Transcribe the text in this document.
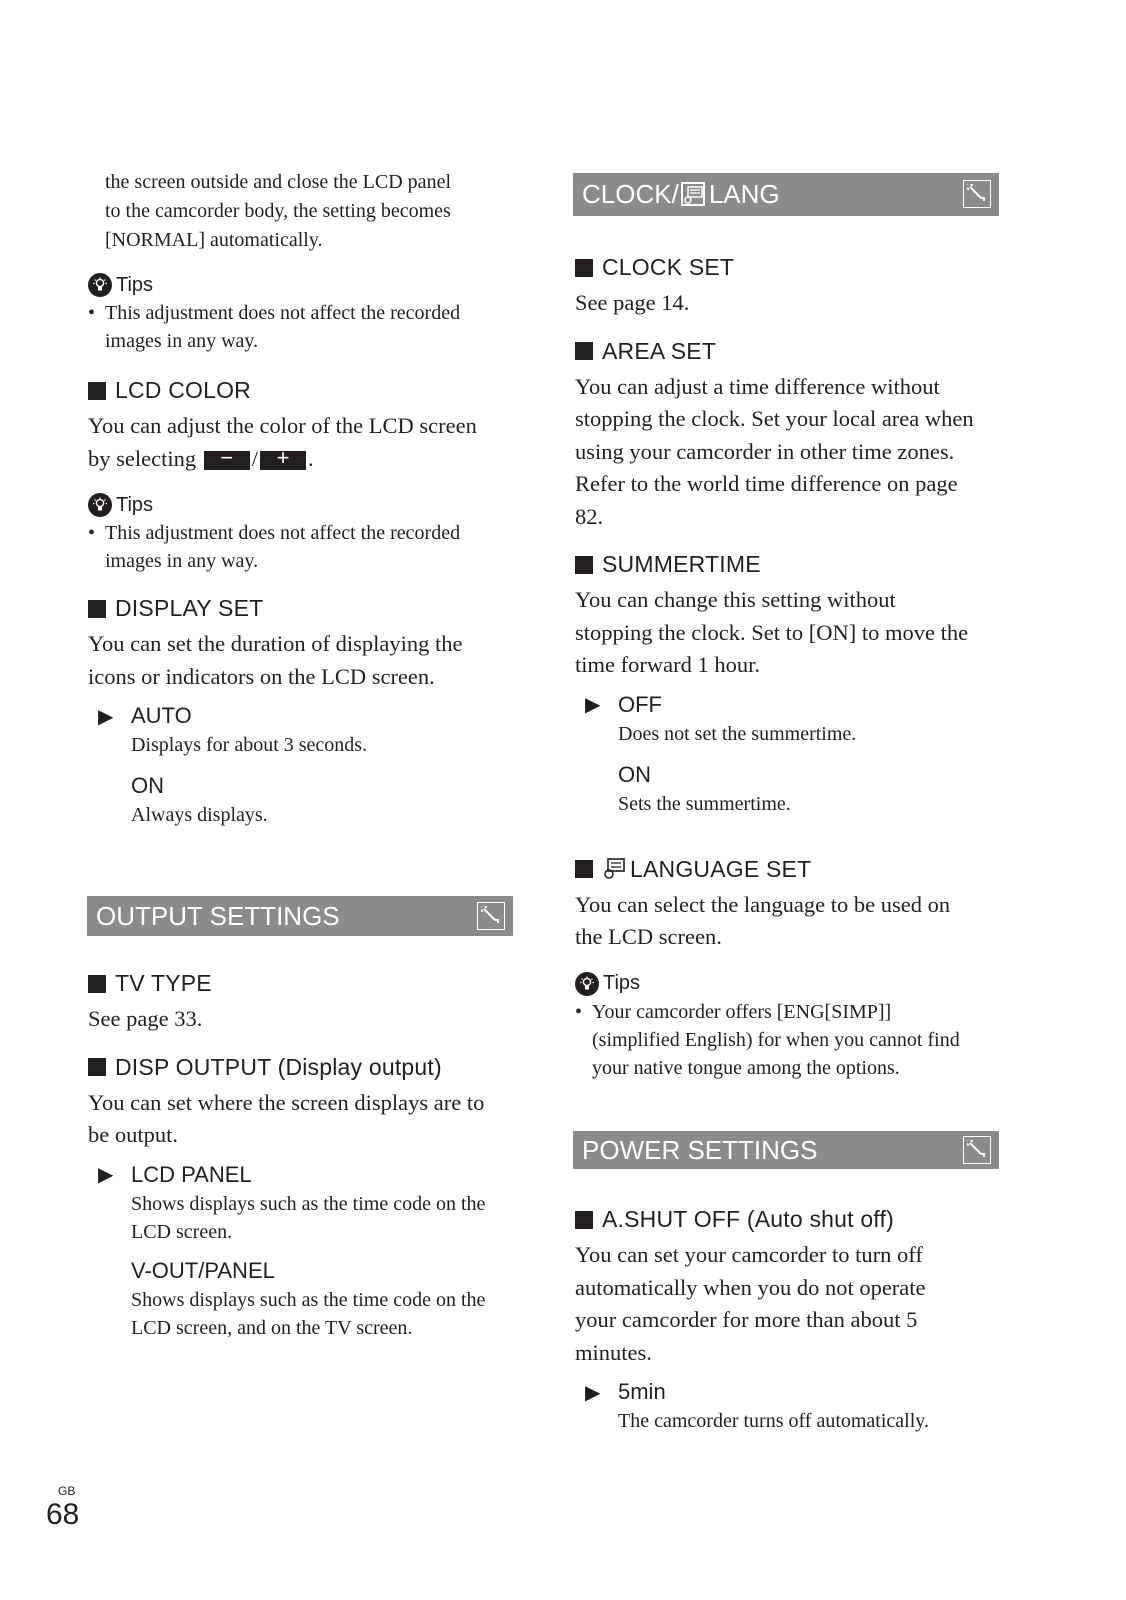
the screen outside and close the LCD panel

to the camcorder body, the setting becomes

[NORMAL] automatically.

Tips
• This adjustment does not affect the recorded
images in any way.
LCD COLOR
You can adjust the color of the LCD screen
by selecting	− / + .
Tips
• This adjustment does not affect the recorded
images in any way.
DISPLAY SET
You can set the duration of displaying the
icons or indicators on the LCD screen.
▶ AUTO
Displays for about 3 seconds.
ON
Always displays.
OUTPUT SETTINGS
TV TYPE
See page 33.
DISP OUTPUT (Display output)
You can set where the screen displays are to
be output.
▶ LCD PANEL
Shows displays such as the time code on the
LCD screen.
V-OUT/PANEL
Shows displays such as the time code on the
LCD screen, and on the TV screen.
CLOCK/ LANG
CLOCK SET
See page 14.
AREA SET
You can adjust a time difference without
stopping the clock. Set your local area when
using your camcorder in other time zones.
Refer to the world time difference on page
82.
SUMMERTIME
You can change this setting without
stopping the clock. Set to [ON] to move the
time forward 1 hour.
▶ OFF
Does not set the summertime.
ON
Sets the summertime.
LANGUAGE SET
You can select the language to be used on
the LCD screen.
Tips
• Your camcorder offers [ENG[SIMP]]
(simplified English) for when you cannot find
your native tongue among the options.
POWER SETTINGS
A.SHUT OFF (Auto shut off)
You can set your camcorder to turn off
automatically when you do not operate
your camcorder for more than about 5
minutes.
▶ 5min
The camcorder turns off automatically.
GB
68
